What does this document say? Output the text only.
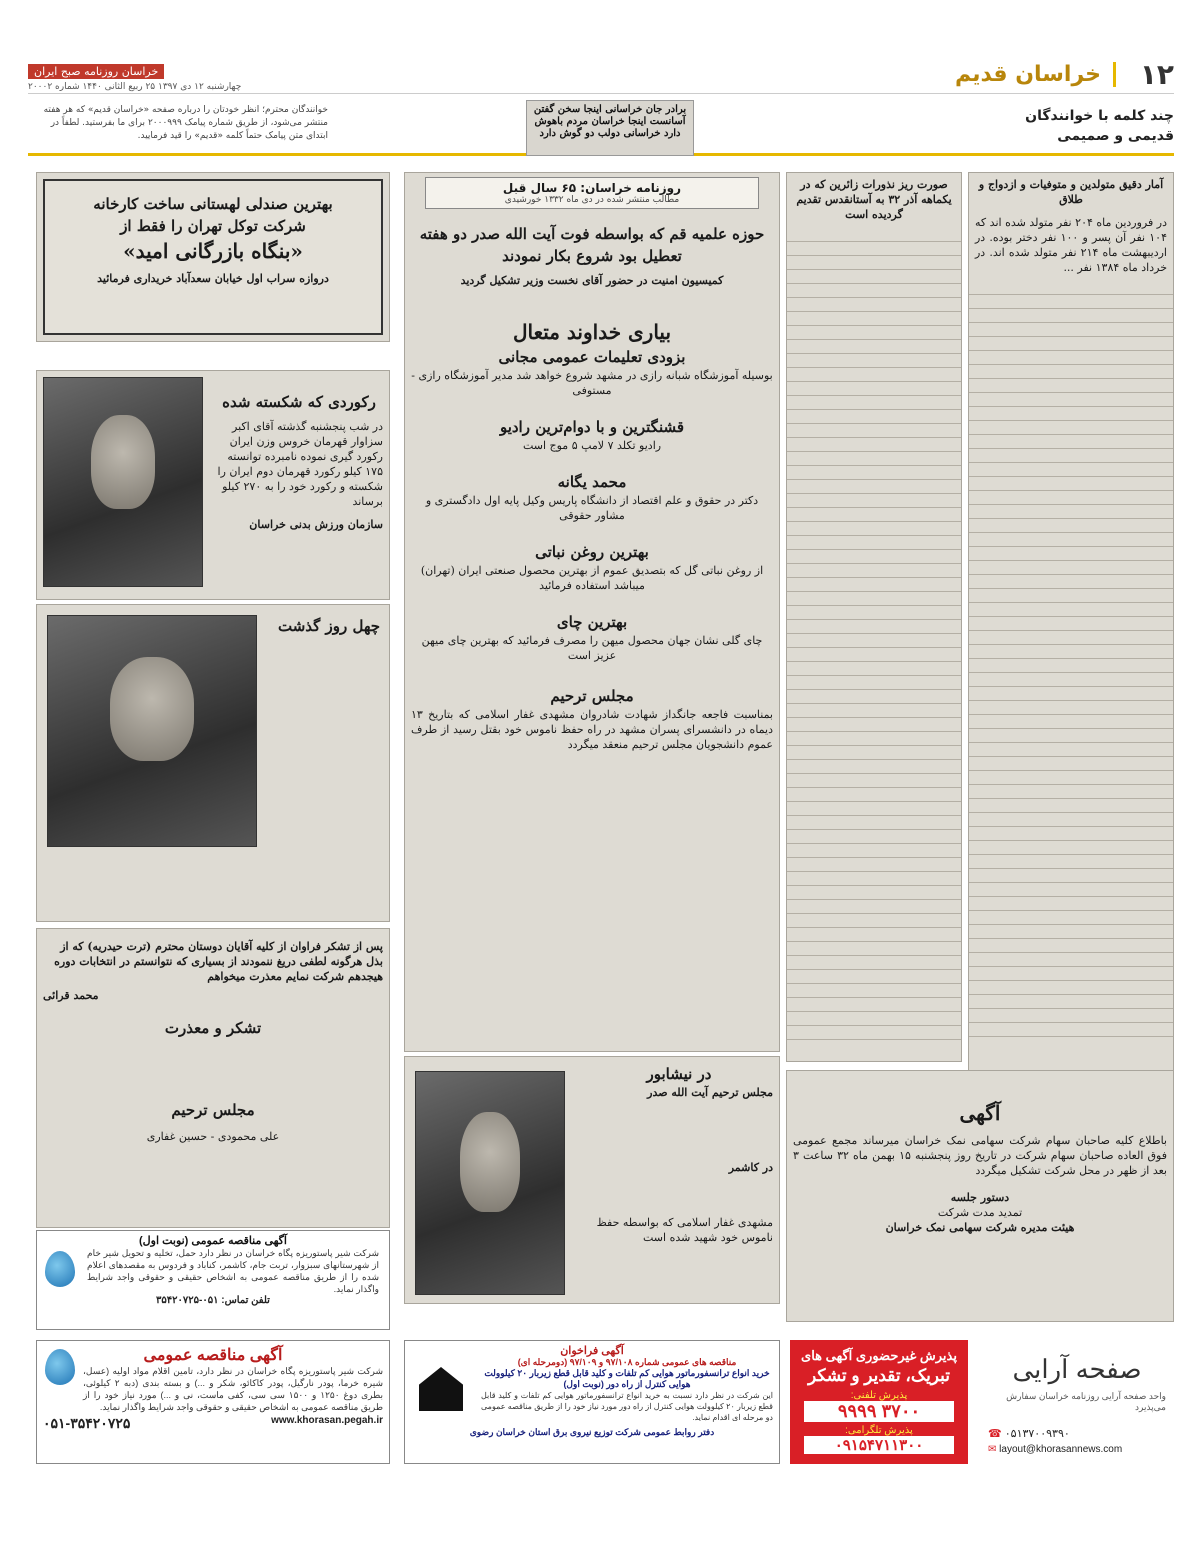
۱۲
خراسان قدیم
خراسان روزنامه صبح ایران
چهارشنبه ۱۲ دی ۱۳۹۷ ۲۵ ربیع الثانی ۱۴۴۰ شماره ۲۰۰۰۲
چند کلمه با خوانندگان قدیمی و صمیمی
برادر جان خراسانی اینجا سخن گفتن آسانست اینجا خراسان مردم باهوش دارد خراسانی دولب دو گوش دارد
خوانندگان محترم؛ انظر خودتان را درباره صفحه «خراسان قدیم» که هر هفته منتشر می‌شود، از طریق شماره پیامک ۲۰۰۰۹۹۹ برای ما بفرستید. لطفاً در ابتدای متن پیامک حتماً کلمه «قدیم» را قید فرمایید.
بهترین صندلی لهستانی ساخت کارخانه
شرکت توکل تهران را فقط از
«بنگاه بازرگانی امید»

دروازه سراب اول خیابان سعدآباد خریداری فرمائید

رکوردی که شکسته شده

در شب پنجشنبه گذشته آقای اکبر سزاوار قهرمان خروس وزن ایران رکورد گیری نموده نامبرده توانسته ۱۷۵ کیلو رکورد قهرمان دوم ایران را شکسته و رکورد خود را به ۲۷۰ کیلو برساند

سازمان ورزش بدنی خراسان

چهل روز گذشت

پس از تشکر فراوان از کلیه آقایان دوستان محترم (ترت حیدریه) که از بذل هرگونه لطفی دریغ ننمودند از بسیاری که نتوانستم در انتخابات دوره هیجدهم شرکت نمایم معذرت میخواهم

محمد قرائی

تشکر و معذرت
مجلس ترحیم

علی محمودی - حسین غفاری

روزنامه خراسان: ۶۵ سال قبل
مطالب منتشر شده در دی ماه ۱۳۳۲ خورشیدی
حوزه علمیه قم که بواسطه فوت آیت الله صدر دو هفته تعطیل بود شروع بکار نمودند

کمیسیون امنیت در حضور آقای نخست وزیر تشکیل گردید

بیاری خداوند متعال
بزودی تعلیمات عمومی مجانی

بوسیله آموزشگاه شبانه رازی در مشهد شروع خواهد شد مدیر آموزشگاه رازی - مستوفی

قشنگترین و با دوام‌ترین رادیو

رادیو تکلد ۷ لامپ ۵ موج است

محمد یگانه

دکتر در حقوق و علم اقتصاد از دانشگاه پاریس وکیل پایه اول دادگستری و مشاور حقوقی

بهترین روغن نباتی

از روغن نباتی گل که بتصدیق عموم از بهترین محصول صنعتی ایران (تهران) میباشد استفاده فرمائید

بهترین چای

چای گلی نشان جهان محصول میهن را مصرف فرمائید که بهترین چای میهن عزیز است

مجلس ترحیم

بمناسبت فاجعه جانگداز شهادت شادروان مشهدی غفار اسلامی که بتاریخ ۱۳ دیماه در دانشسرای پسران مشهد در راه حفظ ناموس خود بقتل رسید از طرف عموم دانشجویان مجلس ترحیم منعقد میگردد

صورت ریز نذورات زائرین که در یکماهه آذر ۳۲ به آستانقدس تقدیم گردیده است

آمار دقیق متولدین و متوفیات و ازدواج و طلاق

در فروردین ماه ۲۰۴ نفر متولد شده اند که ۱۰۴ نفر آن پسر و ۱۰۰ نفر دختر بوده. در اردیبهشت ماه ۲۱۴ نفر متولد شده اند. در خرداد ماه ۱۳۸۴ نفر ...

در نیشابور

مجلس ترحیم آیت الله صدر

در کاشمر

مشهدی غفار اسلامی که بواسطه حفظ ناموس خود شهید شده است

آگهی

باطلاع کلیه صاحبان سهام شرکت سهامی نمک خراسان میرساند مجمع عمومی فوق العاده صاحبان سهام شرکت در تاریخ روز پنجشنبه ۱۵ بهمن ماه ۳۲ ساعت ۳ بعد از ظهر در محل شرکت تشکیل میگردد

دستور جلسه

تمدید مدت شرکت

هیئت مدیره شرکت سهامی نمک خراسان

آگهی مناقصه عمومی (نوبت اول)
شرکت شیر پاستوریزه پگاه خراسان در نظر دارد حمل، تخلیه و تحویل شیر خام از شهرستانهای سبزوار، تربت جام، کاشمر، کناباد و فردوس به مقصدهای اعلام شده را از طریق مناقصه عمومی به اشخاص حقیقی و حقوقی واجد شرایط واگذار نماید.
تلفن تماس: ۰۵۱-۳۵۴۲۰۷۲۵
آگهی مناقصه عمومی
شرکت شیر پاستوریزه پگاه خراسان در نظر دارد، تامین اقلام مواد اولیه (عسل، شیره خرما، پودر نارگیل، پودر کاکائو، شکر و ...) و بسته بندی (دبه ۲ کیلوئی، بطری دوغ ۱۲۵۰ و ۱۵۰۰ سی سی، کفی ماست، نی و ...) مورد نیاز خود را از طریق مناقصه عمومی به اشخاص حقیقی و حقوقی واجد شرایط واگذار نماید.
۰۵۱-۳۵۴۲۰۷۲۵	www.khorasan.pegah.ir
آگهی فراخوان
مناقصه های عمومی شماره ۹۷/۱۰۸ و ۹۷/۱۰۹ (دومرحله ای)
خرید انواع ترانسفورماتور هوایی کم تلفات و کلید قابل قطع زیربار ۲۰ کیلوولت هوایی کنترل از راه دور (نوبت اول)
این شرکت در نظر دارد نسبت به خرید انواع ترانسفورماتور هوایی کم تلفات و کلید قابل قطع زیربار ۲۰ کیلوولت هوایی کنترل از راه دور مورد نیاز خود را از طریق مناقصه عمومی دو مرحله ای اقدام نماید.
دفتر روابط عمومی شرکت توزیع نیروی برق استان خراسان رضوی
پذیرش غیرحضوری آگهی های
تبریک، تقدیر و تشکر
پذیرش تلفنی:
۳۷۰۰ ۹۹۹۹
پذیرش تلگرامی:
۰۹۱۵۴۷۱۱۳۰۰
صفحه آرایی
واحد صفحه آرایی روزنامه خراسان سفارش می‌پذیرد
☎ ۰۵۱۳۷۰۰۹۳۹۰
✉ layout@khorasannews.com
